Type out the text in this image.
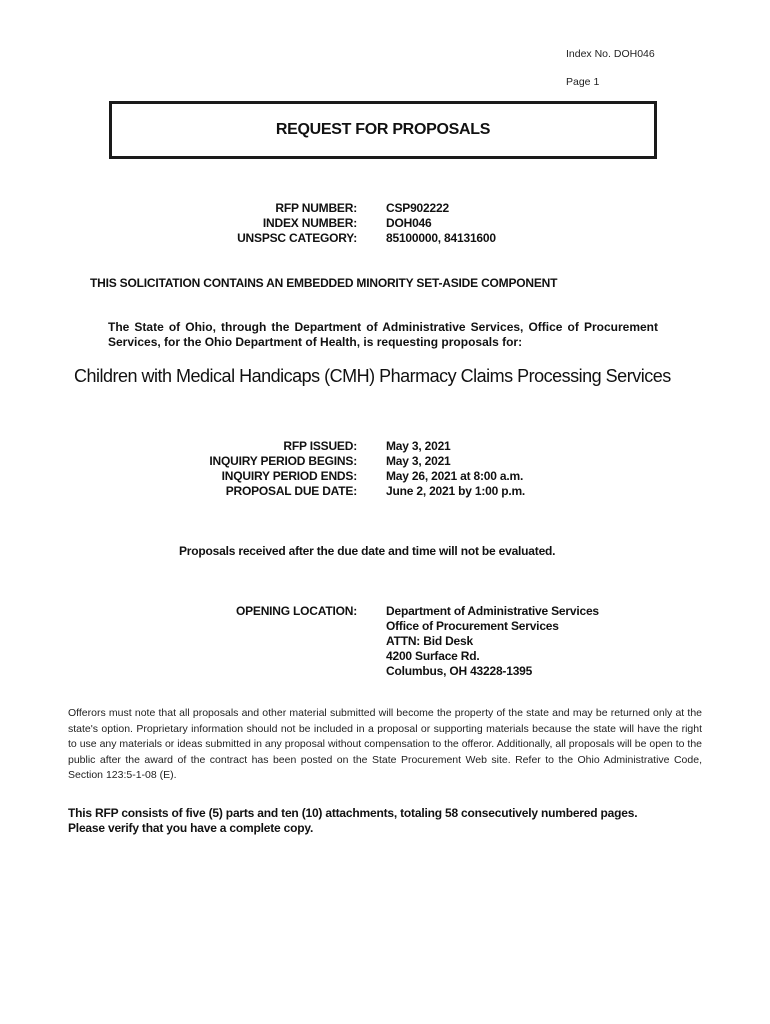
Index No. DOH046
Page 1
REQUEST FOR PROPOSALS
RFP NUMBER:
INDEX NUMBER:
UNSPSC CATEGORY:
CSP902222
DOH046
85100000, 84131600
THIS SOLICITATION CONTAINS AN EMBEDDED MINORITY SET-ASIDE COMPONENT
The State of Ohio, through the Department of Administrative Services, Office of Procurement Services, for the Ohio Department of Health, is requesting proposals for:
Children with Medical Handicaps (CMH) Pharmacy Claims Processing Services
RFP ISSUED:
INQUIRY PERIOD BEGINS:
INQUIRY PERIOD ENDS:
PROPOSAL DUE DATE:
May 3, 2021
May 3, 2021
May 26, 2021 at 8:00 a.m.
June 2, 2021 by 1:00 p.m.
Proposals received after the due date and time will not be evaluated.
OPENING LOCATION: Department of Administrative Services
Office of Procurement Services
ATTN: Bid Desk
4200 Surface Rd.
Columbus, OH 43228-1395
Offerors must note that all proposals and other material submitted will become the property of the state and may be returned only at the state's option. Proprietary information should not be included in a proposal or supporting materials because the state will have the right to use any materials or ideas submitted in any proposal without compensation to the offeror. Additionally, all proposals will be open to the public after the award of the contract has been posted on the State Procurement Web site. Refer to the Ohio Administrative Code, Section 123:5-1-08 (E).
This RFP consists of five (5) parts and ten (10) attachments, totaling 58 consecutively numbered pages.
Please verify that you have a complete copy.
